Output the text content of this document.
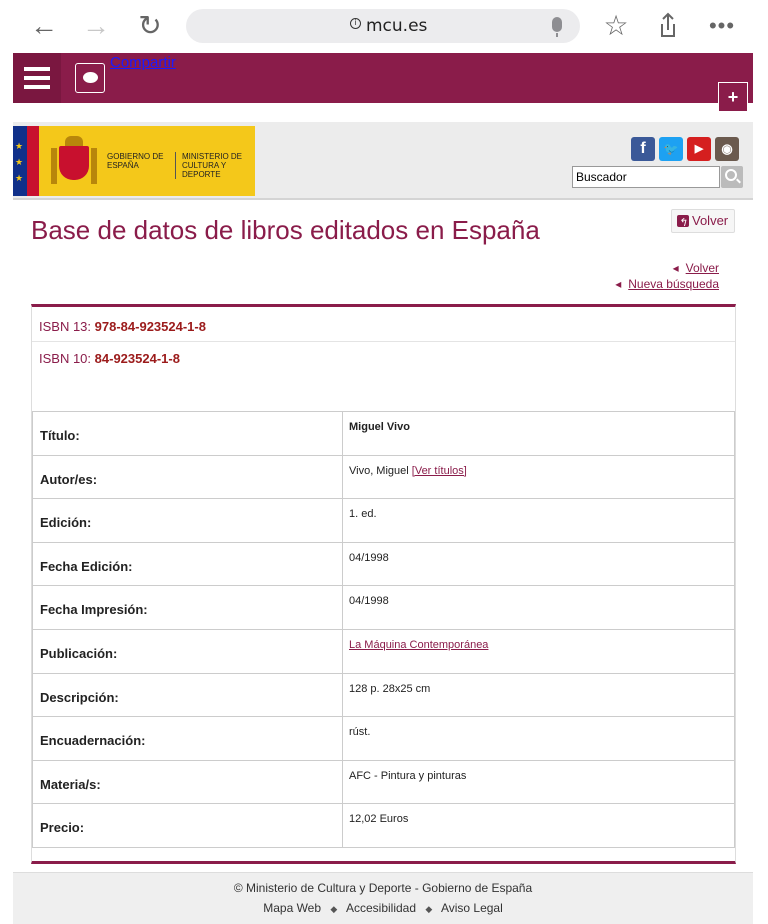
← → ↻	i mcu.es	☆	•••
Compartir
+
★
★
★
GOBIERNO DE ESPAÑA
MINISTERIO DE CULTURA Y DEPORTE
f	🐦	▶	◉
Buscador
Base de datos de libros editados en España ↰	Volver
◂ Volver
◂ Nueva búsqueda
ISBN 13: 978-84-923524-1-8
ISBN 10: 84-923524-1-8
Título:	Miguel Vivo
Autor/es:	Vivo, Miguel [Ver títulos]
Edición:	1. ed.
Fecha Edición:	04/1998
Fecha Impresión:	04/1998
Publicación:	La Máquina Contemporánea
Descripción:	128 p. 28x25 cm
Encuadernación:	rúst.
Materia/s:	AFC - Pintura y pinturas
Precio:	12,02 Euros
© Ministerio de Cultura y Deporte - Gobierno de España
Mapa Web ◆ Accesibilidad ◆ Aviso Legal
